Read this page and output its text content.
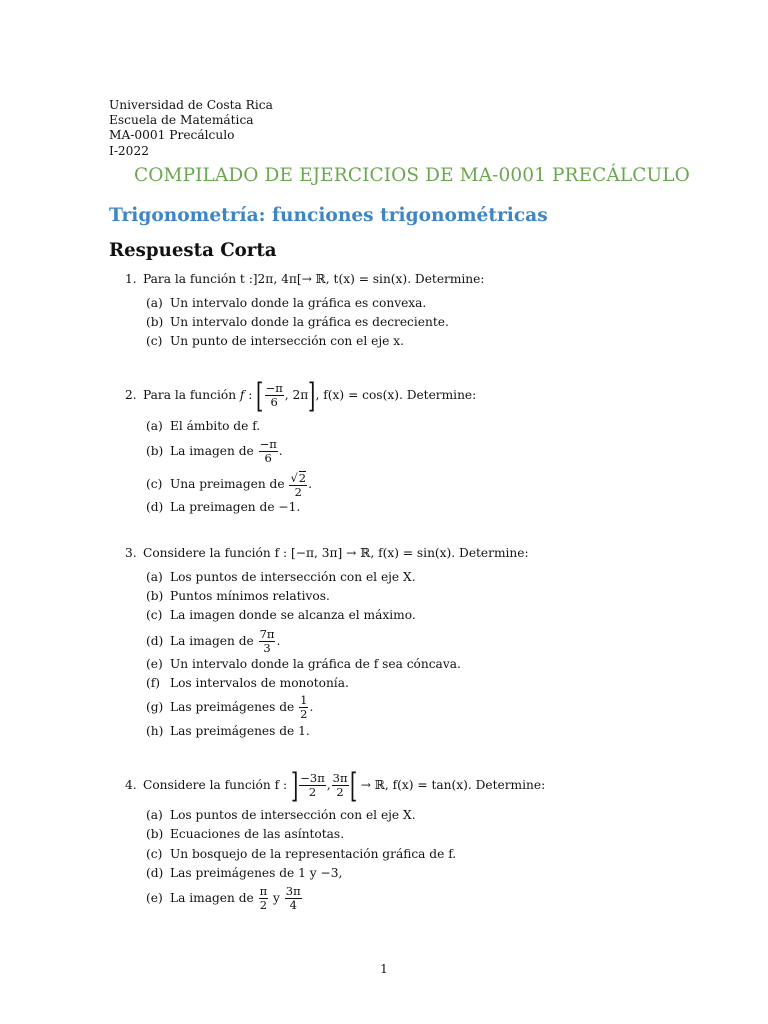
Universidad de Costa Rica
Escuela de Matemática
MA-0001 Precálculo
I-2022
COMPILADO DE EJERCICIOS DE MA-0001 PRECÁLCULO
Trigonometría: funciones trigonométricas
Respuesta Corta
1. Para la función t :]2π, 4π[→ ℝ, t(x) = sin(x). Determine:
(a) Un intervalo donde la gráfica es convexa.
(b) Un intervalo donde la gráfica es decreciente.
(c) Un punto de intersección con el eje x.
2. Para la función f : [ $\frac{-\pi}{6}$ , 2π], f(x) = cos(x). Determine:
(a) El ámbito de f.
(b) La imagen de $\frac{-\pi}{6}$ .
(c) Una preimagen de $\frac{√2}{2}$ .
(d) La preimagen de −1.
3. Considere la función f : [−π, 3π] → ℝ, f(x) = sin(x). Determine:
(a) Los puntos de intersección con el eje X.
(b) Puntos mínimos relativos.
(c) La imagen donde se alcanza el máximo.
(d) La imagen de $\frac{7\pi}{3}$ .
(e) Un intervalo donde la gráfica de f sea cóncava.
(f) Los intervalos de monotonía.
(g) Las preimágenes de $\frac{1}{2}$ .
(h) Las preimágenes de 1.
4. Considere la función f : ] $\frac{-3\pi}{2}$ , $\frac{3\pi}{2}$ [ → ℝ, f(x) = tan(x). Determine:
(a) Los puntos de intersección con el eje X.
(b) Ecuaciones de las asíntotas.
(c) Un bosquejo de la representación gráfica de f.
(d) Las preimágenes de 1 y −3,
(e) La imagen de $\frac{\pi}{2}$ y $\frac{3\pi}{4}$
1
